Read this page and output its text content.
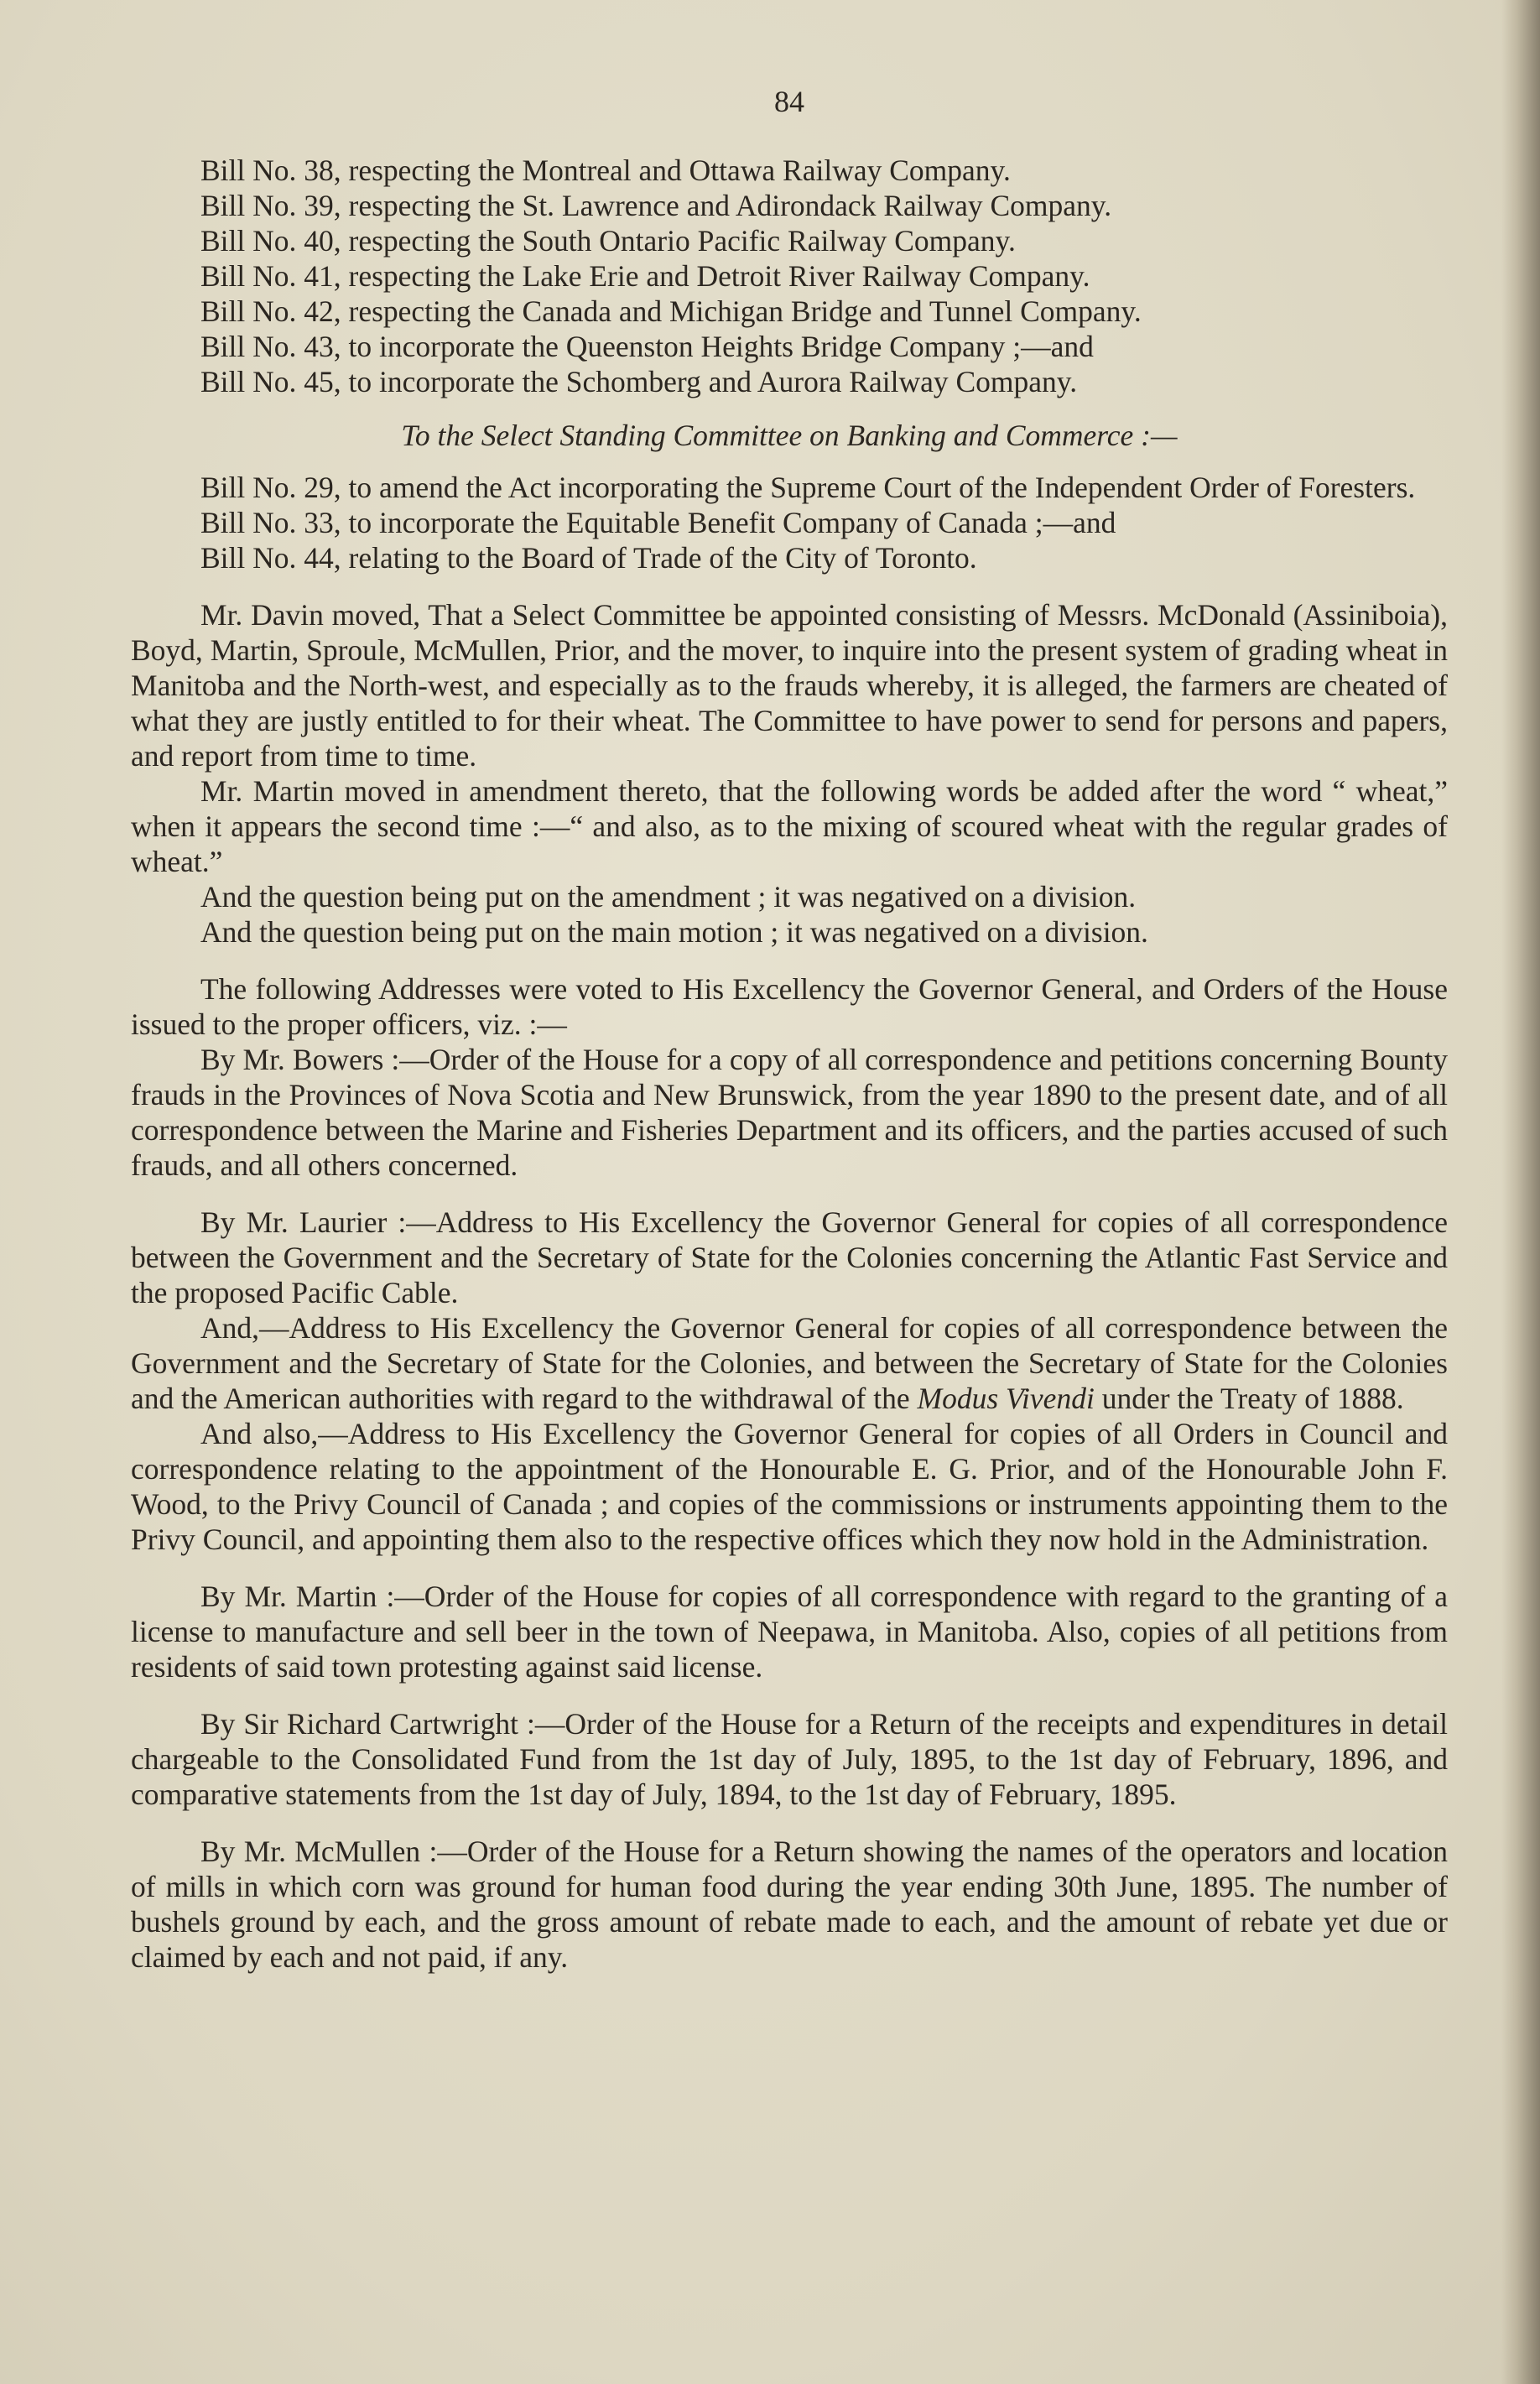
84

Bill No. 38, respecting the Montreal and Ottawa Railway Company.

Bill No. 39, respecting the St. Lawrence and Adirondack Railway Company.

Bill No. 40, respecting the South Ontario Pacific Railway Company.

Bill No. 41, respecting the Lake Erie and Detroit River Railway Company.

Bill No. 42, respecting the Canada and Michigan Bridge and Tunnel Company.

Bill No. 43, to incorporate the Queenston Heights Bridge Company ;—and

Bill No. 45, to incorporate the Schomberg and Aurora Railway Company.

To the Select Standing Committee on Banking and Commerce :—

Bill No. 29, to amend the Act incorporating the Supreme Court of the Independent Order of Foresters.

Bill No. 33, to incorporate the Equitable Benefit Company of Canada ;—and

Bill No. 44, relating to the Board of Trade of the City of Toronto.

Mr. Davin moved, That a Select Committee be appointed consisting of Messrs. McDonald (Assiniboia), Boyd, Martin, Sproule, McMullen, Prior, and the mover, to inquire into the present system of grading wheat in Manitoba and the North-west, and especially as to the frauds whereby, it is alleged, the farmers are cheated of what they are justly entitled to for their wheat. The Committee to have power to send for persons and papers, and report from time to time.

Mr. Martin moved in amendment thereto, that the following words be added after the word “ wheat,” when it appears the second time :—“ and also, as to the mixing of scoured wheat with the regular grades of wheat.”

And the question being put on the amendment ; it was negatived on a division.

And the question being put on the main motion ; it was negatived on a division.

The following Addresses were voted to His Excellency the Governor General, and Orders of the House issued to the proper officers, viz. :—

By Mr. Bowers :—Order of the House for a copy of all correspondence and petitions concerning Bounty frauds in the Provinces of Nova Scotia and New Brunswick, from the year 1890 to the present date, and of all correspondence between the Marine and Fisheries Department and its officers, and the parties accused of such frauds, and all others concerned.

By Mr. Laurier :—Address to His Excellency the Governor General for copies of all correspondence between the Government and the Secretary of State for the Colonies concerning the Atlantic Fast Service and the proposed Pacific Cable.

And,—Address to His Excellency the Governor General for copies of all correspondence between the Government and the Secretary of State for the Colonies, and between the Secretary of State for the Colonies and the American authorities with regard to the withdrawal of the Modus Vivendi under the Treaty of 1888.

And also,—Address to His Excellency the Governor General for copies of all Orders in Council and correspondence relating to the appointment of the Honourable E. G. Prior, and of the Honourable John F. Wood, to the Privy Council of Canada ; and copies of the commissions or instruments appointing them to the Privy Council, and appointing them also to the respective offices which they now hold in the Administration.

By Mr. Martin :—Order of the House for copies of all correspondence with regard to the granting of a license to manufacture and sell beer in the town of Neepawa, in Manitoba. Also, copies of all petitions from residents of said town protesting against said license.

By Sir Richard Cartwright :—Order of the House for a Return of the receipts and expenditures in detail chargeable to the Consolidated Fund from the 1st day of July, 1895, to the 1st day of February, 1896, and comparative statements from the 1st day of July, 1894, to the 1st day of February, 1895.

By Mr. McMullen :—Order of the House for a Return showing the names of the operators and location of mills in which corn was ground for human food during the year ending 30th June, 1895. The number of bushels ground by each, and the gross amount of rebate made to each, and the amount of rebate yet due or claimed by each and not paid, if any.
